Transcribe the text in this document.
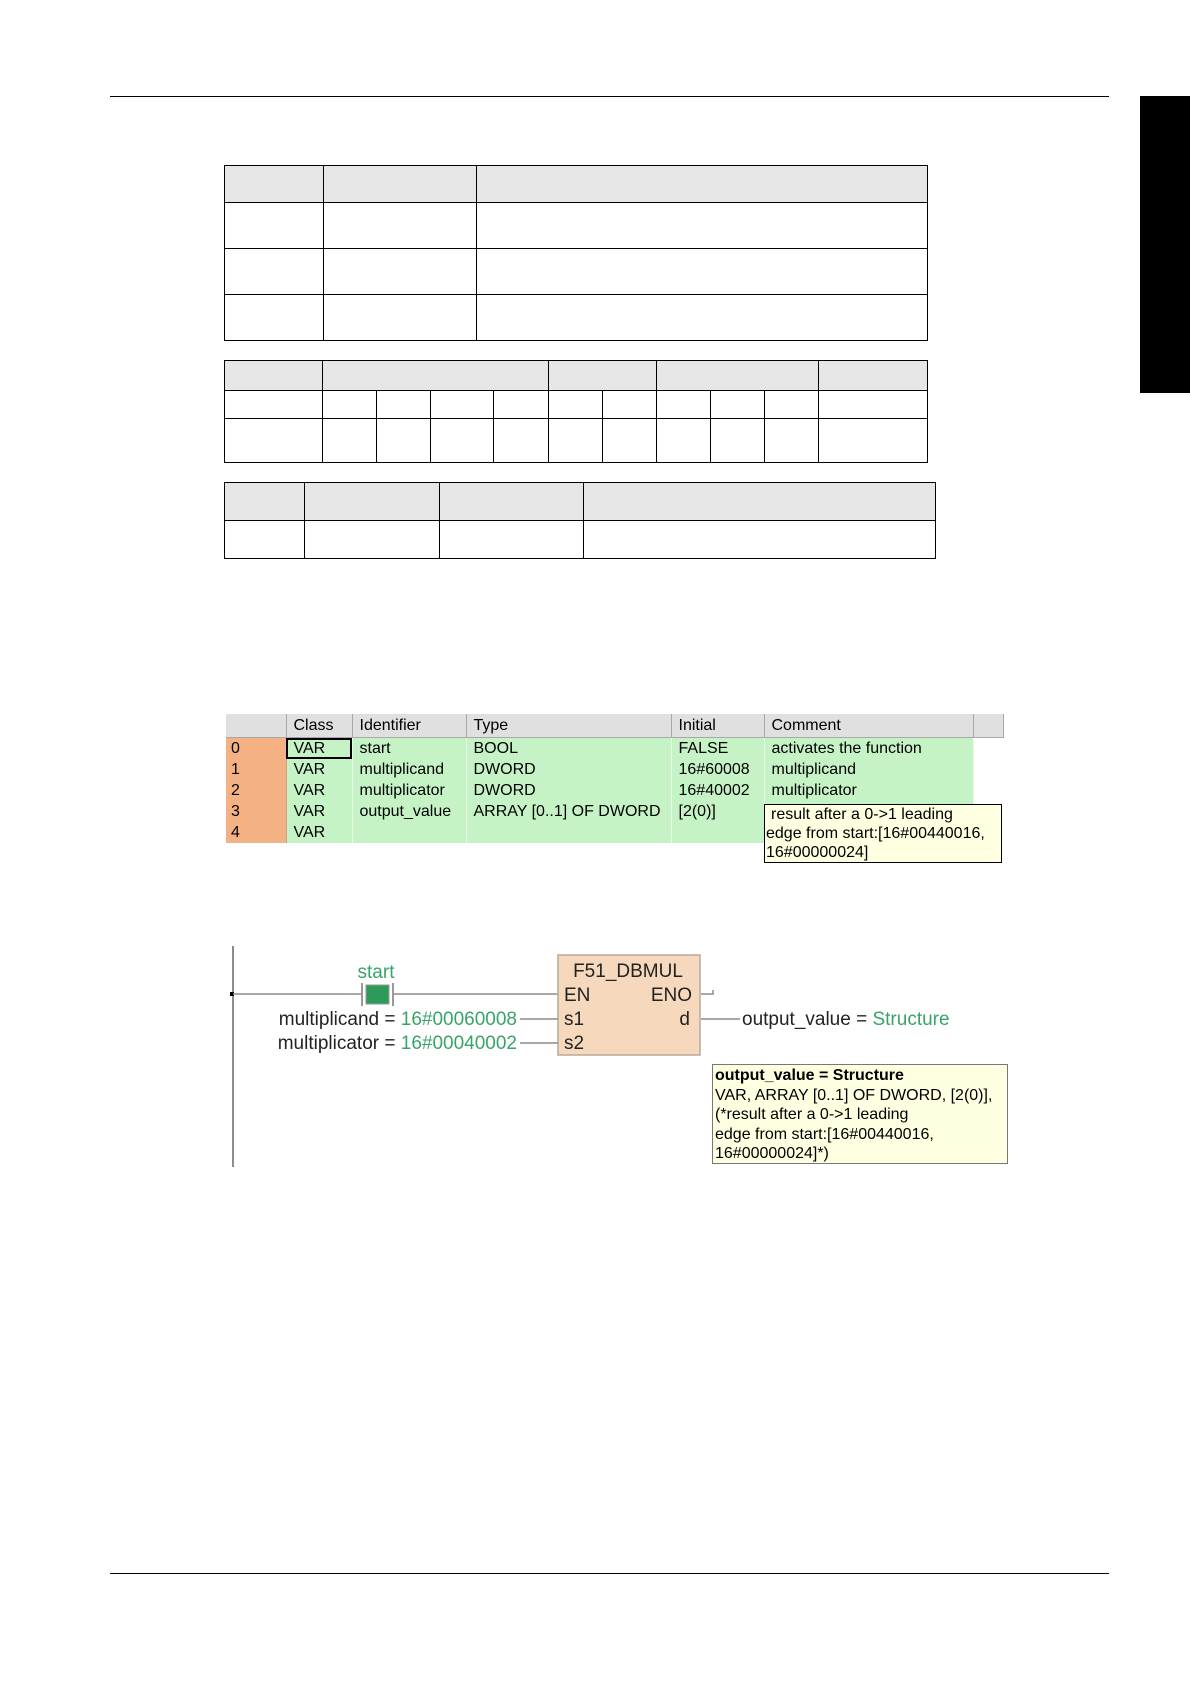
	Class	Identifier	Type	Initial	Comment	
0	VAR	start	BOOL	FALSE	activates the function	
1	VAR	multiplicand	DWORD	16#60008	multiplicand	
2	VAR	multiplicator	DWORD	16#40002	multiplicator	
3	VAR	output_value	ARRAY [0..1] OF DWORD	[2(0)]		
4	VAR					
result after a 0->1 leading
edge from start:[16#00440016,
16#00000024]
start	F51_DBMUL
EN	ENO
s1	d
s2
multiplicand = 16#00060008
multiplicator = 16#00040002
output_value = Structure
output_value = Structure
VAR, ARRAY [0..1] OF DWORD, [2(0)],
(*result after a 0->1 leading
edge from start:[16#00440016,
16#00000024]*)
